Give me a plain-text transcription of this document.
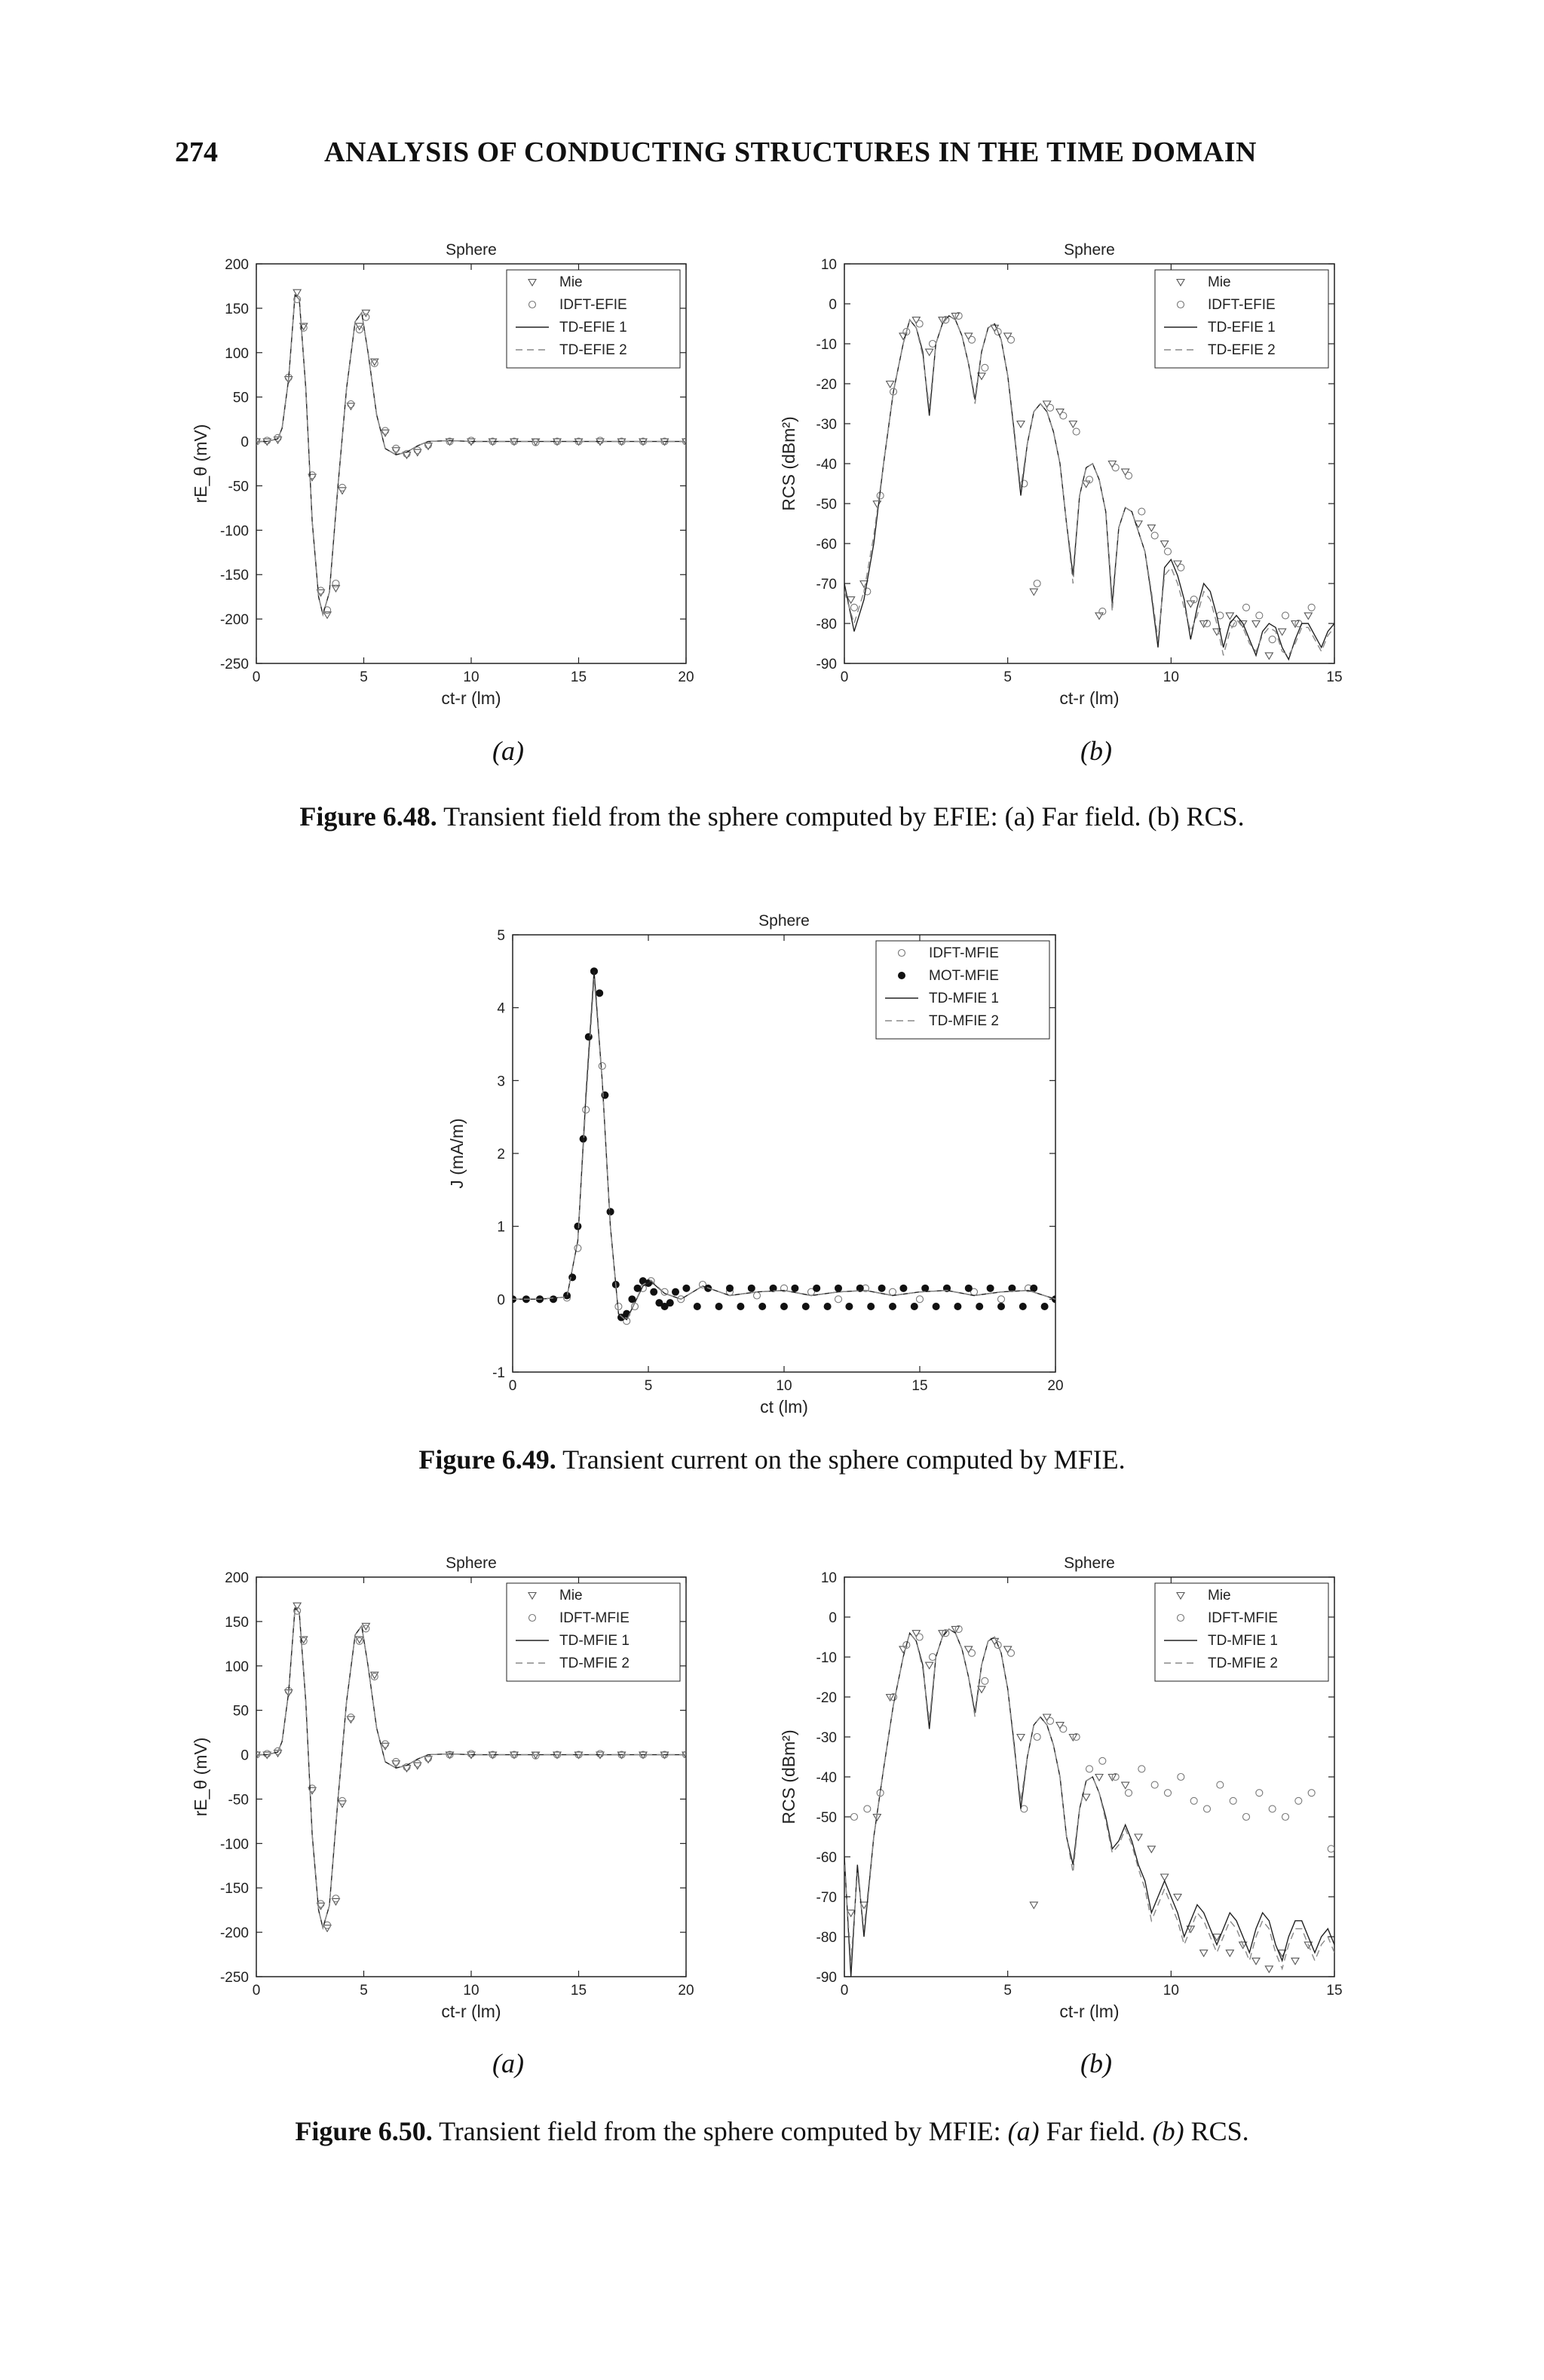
274	ANALYSIS OF CONDUCTING STRUCTURES IN THE TIME DOMAIN
0	5	10	15	20
200
150
100
50
0
-50
-100
-150
-200
-250
Sphere
ct-r (lm)
rE_θ (mV)
Mie
IDFT-EFIE
TD-EFIE 1
TD-EFIE 2
0	5	10	15
10
0
-10
-20
-30
-40
-50
-60
-70
-80
-90
Sphere
ct-r (lm)
RCS (dBm²)
Mie
IDFT-EFIE
TD-EFIE 1
TD-EFIE 2
(a)	(b)
Figure 6.48. Transient field from the sphere computed by EFIE: (a) Far field. (b) RCS.
0	5	10	15	20
5
4
3
2
1
0
-1
Sphere
ct (lm)
J (mA/m)
IDFT-MFIE
MOT-MFIE
TD-MFIE 1
TD-MFIE 2
Figure 6.49. Transient current on the sphere computed by MFIE.
0	5	10	15	20
200
150
100
50
0
-50
-100
-150
-200
-250
Sphere
ct-r (lm)
rE_θ (mV)
Mie
IDFT-MFIE
TD-MFIE 1
TD-MFIE 2
0	5	10	15
10
0
-10
-20
-30
-40
-50
-60
-70
-80
-90
Sphere
ct-r (lm)
RCS (dBm²)
Mie
IDFT-MFIE
TD-MFIE 1
TD-MFIE 2
(a)	(b)
Figure 6.50. Transient field from the sphere computed by MFIE: (a) Far field. (b) RCS.
